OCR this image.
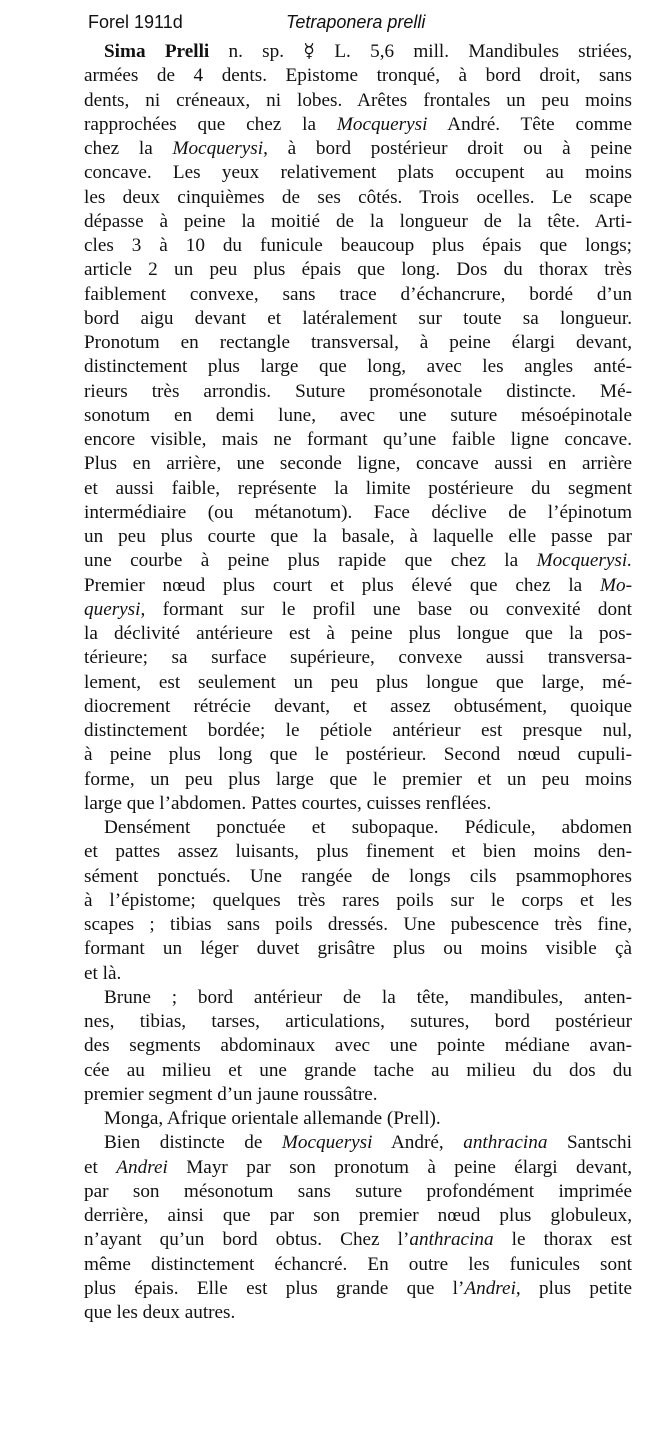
Forel 1911d	Tetraponera prelli
Sima Prelli n. sp. ☿ L. 5,6 mill. Mandibules striées,
armées de 4 dents. Epistome tronqué, à bord droit, sans
dents, ni créneaux, ni lobes. Arêtes frontales un peu moins
rapprochées que chez la Mocquerysi André. Tête comme
chez la Mocquerysi, à bord postérieur droit ou à peine
concave. Les yeux relativement plats occupent au moins
les deux cinquièmes de ses côtés. Trois ocelles. Le scape
dépasse à peine la moitié de la longueur de la tête. Arti-
cles 3 à 10 du funicule beaucoup plus épais que longs;
article 2 un peu plus épais que long. Dos du thorax très
faiblement convexe, sans trace d’échancrure, bordé d’un
bord aigu devant et latéralement sur toute sa longueur.
Pronotum en rectangle transversal, à peine élargi devant,
distinctement plus large que long, avec les angles anté-
rieurs très arrondis. Suture promésonotale distincte. Mé-
sonotum en demi lune, avec une suture mésoépinotale
encore visible, mais ne formant qu’une faible ligne concave.
Plus en arrière, une seconde ligne, concave aussi en arrière
et aussi faible, représente la limite postérieure du segment
intermédiaire (ou métanotum). Face déclive de l’épinotum
un peu plus courte que la basale, à laquelle elle passe par
une courbe à peine plus rapide que chez la Mocquerysi.
Premier nœud plus court et plus élevé que chez la Mo-
querysi, formant sur le profil une base ou convexité dont
la déclivité antérieure est à peine plus longue que la pos-
térieure; sa surface supérieure, convexe aussi transversa-
lement, est seulement un peu plus longue que large, mé-
diocrement rétrécie devant, et assez obtusément, quoique
distinctement bordée; le pétiole antérieur est presque nul,
à peine plus long que le postérieur. Second nœud cupuli-
forme, un peu plus large que le premier et un peu moins
large que l’abdomen. Pattes courtes, cuisses renflées.
Densément ponctuée et subopaque. Pédicule, abdomen
et pattes assez luisants, plus finement et bien moins den-
sément ponctués. Une rangée de longs cils psammophores
à l’épistome; quelques très rares poils sur le corps et les
scapes ; tibias sans poils dressés. Une pubescence très fine,
formant un léger duvet grisâtre plus ou moins visible çà
et là.
Brune ; bord antérieur de la tête, mandibules, anten-
nes, tibias, tarses, articulations, sutures, bord postérieur
des segments abdominaux avec une pointe médiane avan-
cée au milieu et une grande tache au milieu du dos du
premier segment d’un jaune roussâtre.
Monga, Afrique orientale allemande (Prell).
Bien distincte de Mocquerysi André, anthracina Santschi
et Andrei Mayr par son pronotum à peine élargi devant,
par son mésonotum sans suture profondément imprimée
derrière, ainsi que par son premier nœud plus globuleux,
n’ayant qu’un bord obtus. Chez l’anthracina le thorax est
même distinctement échancré. En outre les funicules sont
plus épais. Elle est plus grande que l’Andrei, plus petite
que les deux autres.
